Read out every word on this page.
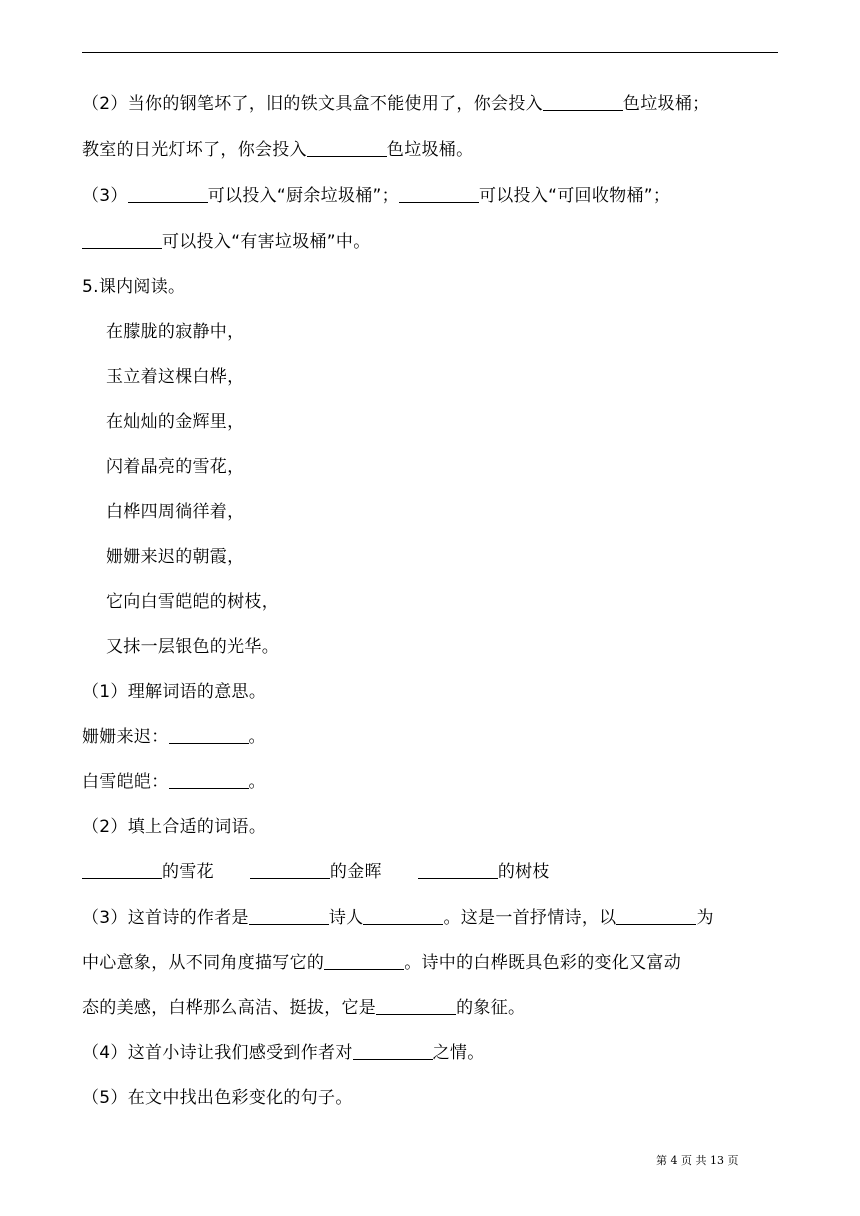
（2）当你的钢笔坏了，旧的铁文具盒不能使用了，你会投入	色垃圾桶；
教室的日光灯坏了，你会投入	色垃圾桶。
（3）	可以投入“厨余垃圾桶”；	可以投入“可回收物桶”；
可以投入“有害垃圾桶”中。
5.课内阅读。
在朦胧的寂静中，
玉立着这棵白桦，
在灿灿的金辉里，
闪着晶亮的雪花，
白桦四周徜徉着，
姗姗来迟的朝霞，
它向白雪皑皑的树枝，
又抹一层银色的光华。
（1）理解词语的意思。
姗姗来迟：	。
白雪皑皑：	。
（2）填上合适的词语。
的雪花	的金晖	的树枝
（3）这首诗的作者是	诗人	。这是一首抒情诗，以	为
中心意象，从不同角度描写它的	。诗中的白桦既具色彩的变化又富动
态的美感，白桦那么高洁、挺拔，它是	的象征。
（4）这首小诗让我们感受到作者对	之情。
（5）在文中找出色彩变化的句子。
第 4 页 共 13 页
